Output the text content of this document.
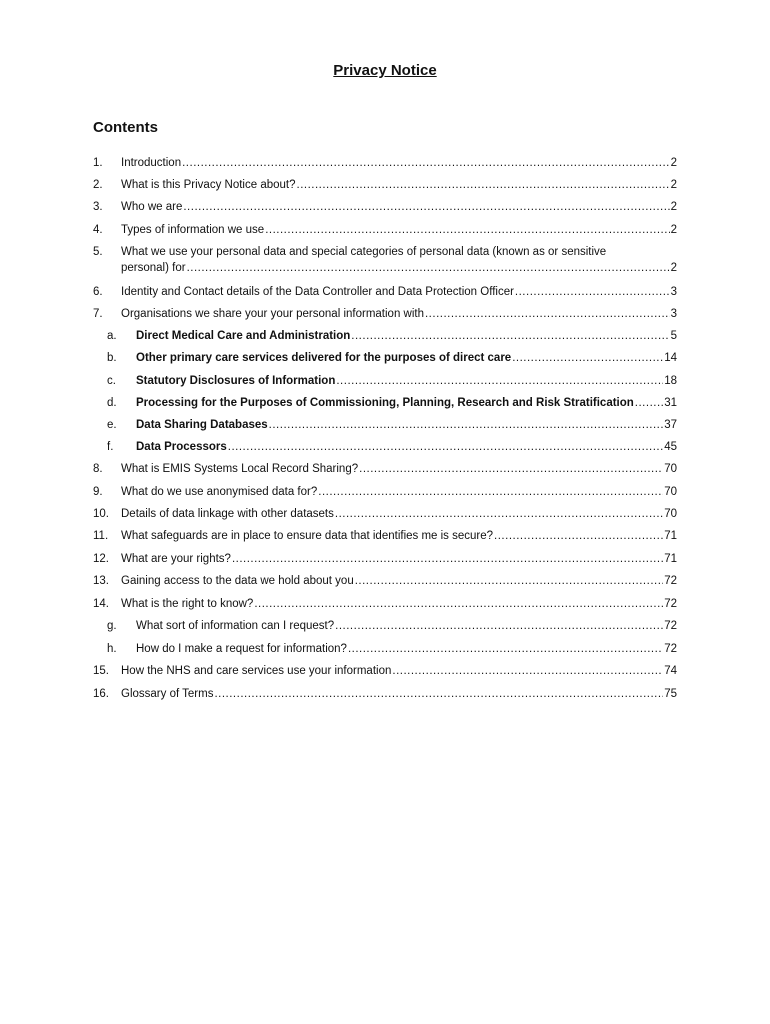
Privacy Notice
Contents
1. Introduction .....	2
2. What is this Privacy Notice about? .....	2
3. Who we are .....	2
4. Types of information we use .....	2
5. What we use your personal data and special categories of personal data (known as or sensitive
personal) for .....	2
6. Identity and Contact details of the Data Controller and Data Protection Officer .....	3
7. Organisations we share your your personal information with .....	3
a. Direct Medical Care and Administration .....	5
b. Other primary care services delivered for the purposes of direct care .....	14
c. Statutory Disclosures of Information .....	18
d. Processing for the Purposes of Commissioning, Planning, Research and Risk Stratification .....	31
e. Data Sharing Databases .....	37
f. Data Processors .....	45
8. What is EMIS Systems Local Record Sharing? .....	70
9. What do we use anonymised data for? .....	70
10. Details of data linkage with other datasets .....	70
11. What safeguards are in place to ensure data that identifies me is secure? .....	71
12. What are your rights? .....	71
13. Gaining access to the data we hold about you .....	72
14. What is the right to know? .....	72
g. What sort of information can I request? .....	72
h. How do I make a request for information? .....	72
15. How the NHS and care services use your information .....	74
16. Glossary of Terms .....	75
